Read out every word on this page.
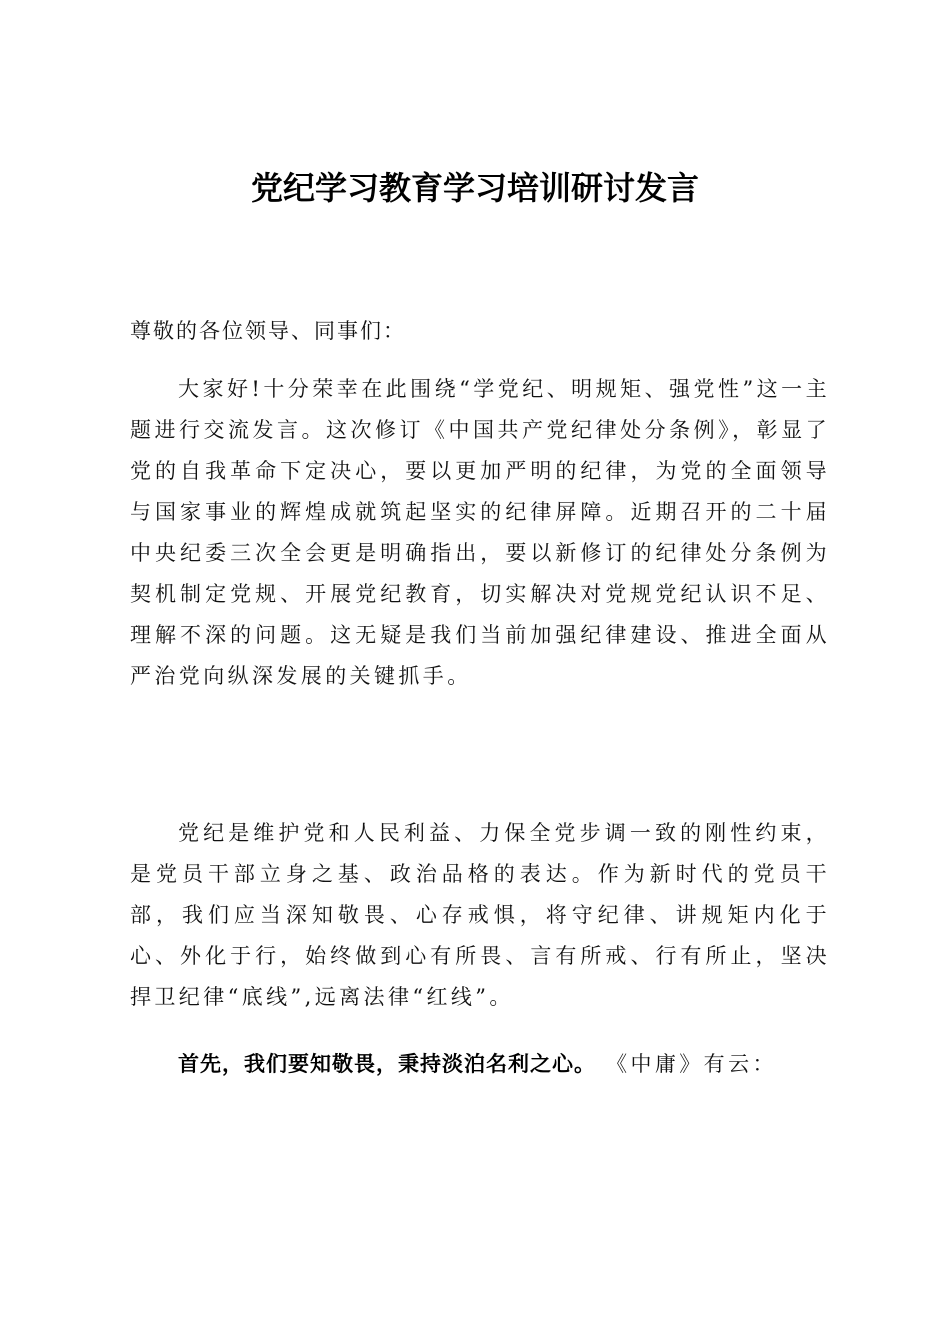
党纪学习教育学习培训研讨发言
尊敬的各位领导、同事们：

大家好!十分荣幸在此围绕“学党纪、明规矩、强党性”这一主题进行交流发言。这次修订《中国共产党纪律处分条例》，彰显了党的自我革命下定决心，要以更加严明的纪律，为党的全面领导与国家事业的辉煌成就筑起坚实的纪律屏障。近期召开的二十届中央纪委三次全会更是明确指出，要以新修订的纪律处分条例为契机制定党规、开展党纪教育，切实解决对党规党纪认识不足、理解不深的问题。这无疑是我们当前加强纪律建设、推进全面从严治党向纵深发展的关键抓手。

党纪是维护党和人民利益、力保全党步调一致的刚性约束，是党员干部立身之基、政治品格的表达。作为新时代的党员干部，我们应当深知敬畏、心存戒惧，将守纪律、讲规矩内化于心、外化于行，始终做到心有所畏、言有所戒、行有所止，坚决捍卫纪律“底线”,远离法律“红线”。

首先，我们要知敬畏，秉持淡泊名利之心。 《中庸》有云：
